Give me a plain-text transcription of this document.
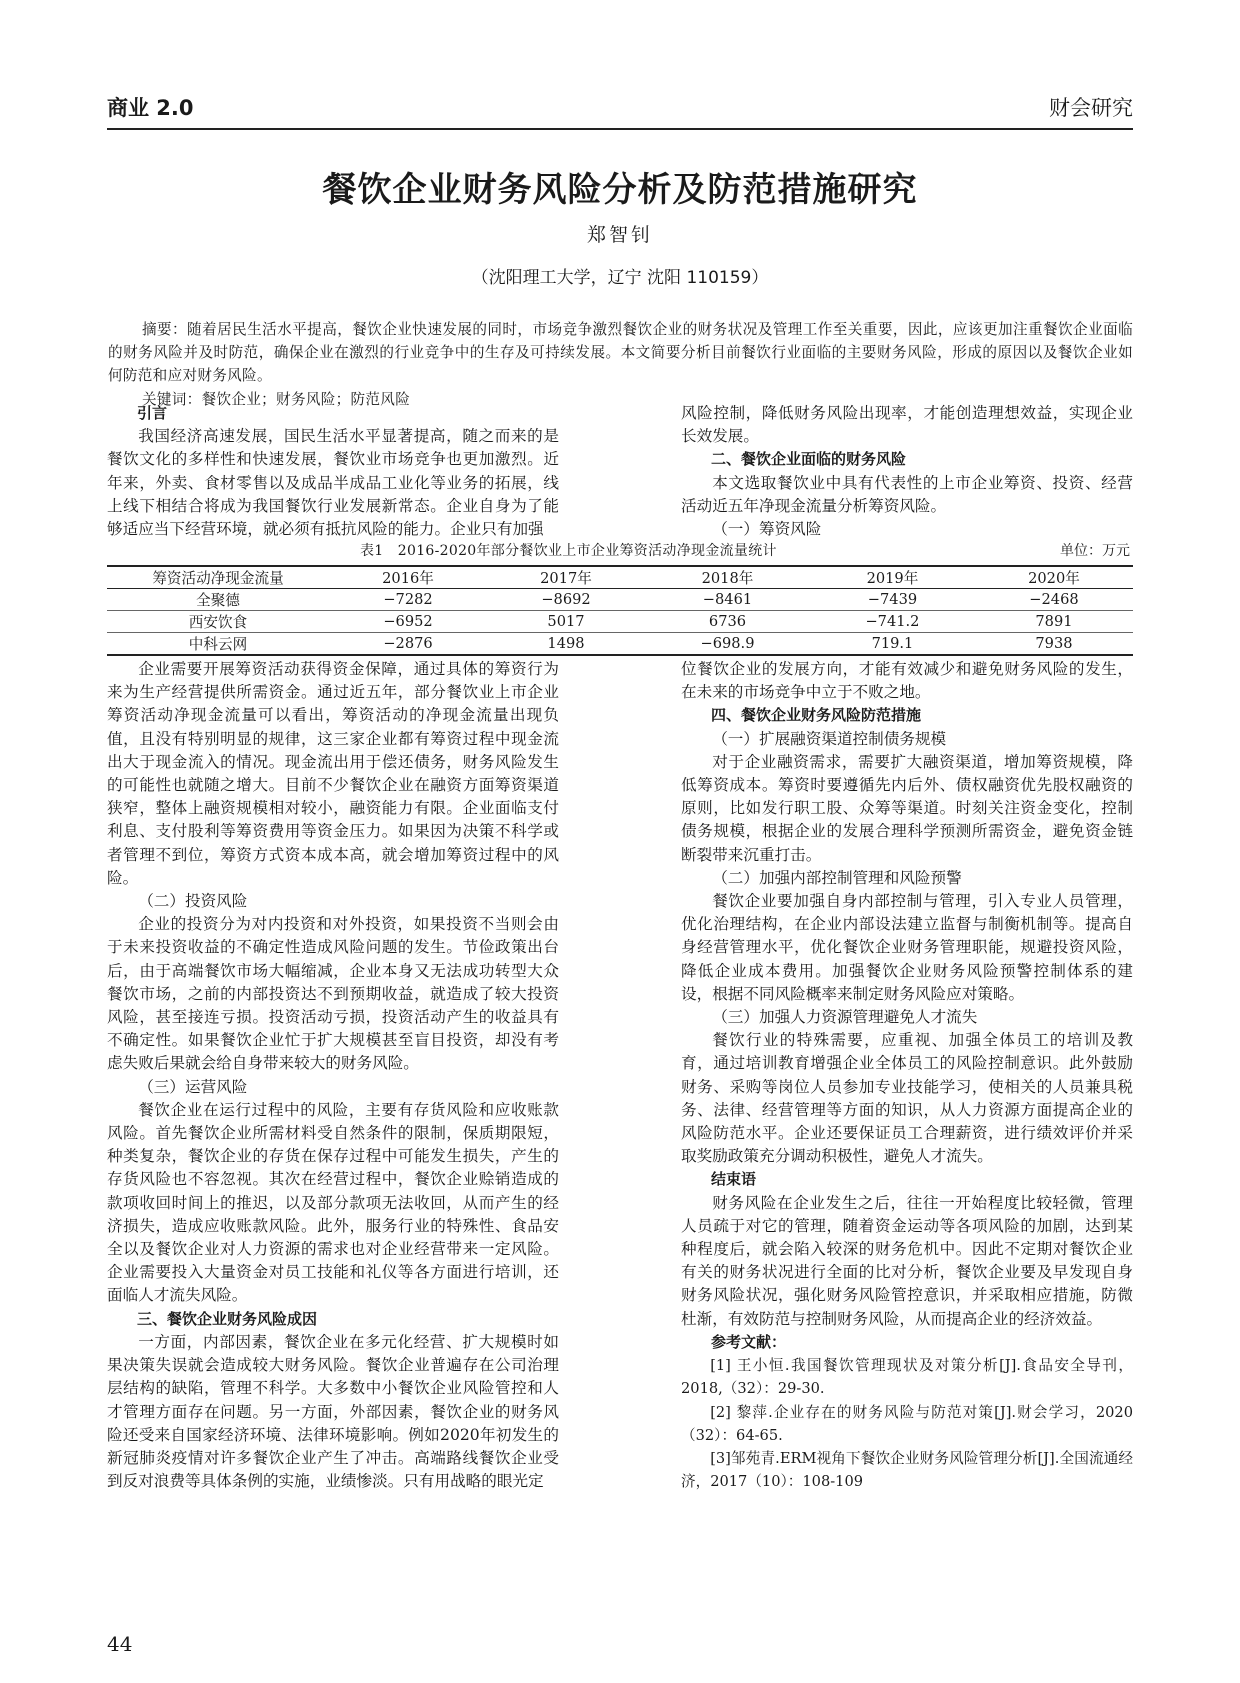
商业 2.0	财会研究
餐饮企业财务风险分析及防范措施研究
郑智钊
（沈阳理工大学，辽宁 沈阳 110159）
摘要：随着居民生活水平提高，餐饮企业快速发展的同时，市场竞争激烈餐饮企业的财务状况及管理工作至关重要，因此，应该更加注重餐饮企业面临的财务风险并及时防范，确保企业在激烈的行业竞争中的生存及可持续发展。本文简要分析目前餐饮行业面临的主要财务风险，形成的原因以及餐饮企业如何防范和应对财务风险。
关键词：餐饮企业；财务风险；防范风险
引言

我国经济高速发展，国民生活水平显著提高，随之而来的是餐饮文化的多样性和快速发展，餐饮业市场竞争也更加激烈。近年来，外卖、食材零售以及成品半成品工业化等业务的拓展，线上线下相结合将成为我国餐饮行业发展新常态。企业自身为了能够适应当下经营环境，就必须有抵抗风险的能力。企业只有加强

风险控制，降低财务风险出现率，才能创造理想效益，实现企业长效发展。

二、餐饮企业面临的财务风险

本文选取餐饮业中具有代表性的上市企业筹资、投资、经营活动近五年净现金流量分析筹资风险。

（一）筹资风险
表1　2016-2020年部分餐饮业上市企业筹资活动净现金流量统计	单位：万元
筹资活动净现金流量	2016年	2017年	2018年	2019年	2020年
全聚德	−7282	−8692	−8461	−7439	−2468
西安饮食	−6952	5017	6736	−741.2	7891
中科云网	−2876	1498	−698.9	719.1	7938

企业需要开展筹资活动获得资金保障，通过具体的筹资行为来为生产经营提供所需资金。通过近五年，部分餐饮业上市企业筹资活动净现金流量可以看出，筹资活动的净现金流量出现负值，且没有特别明显的规律，这三家企业都有筹资过程中现金流出大于现金流入的情况。现金流出用于偿还债务，财务风险发生的可能性也就随之增大。目前不少餐饮企业在融资方面筹资渠道狭窄，整体上融资规模相对较小，融资能力有限。企业面临支付利息、支付股利等筹资费用等资金压力。如果因为决策不科学或者管理不到位，筹资方式资本成本高，就会增加筹资过程中的风险。

（二）投资风险

企业的投资分为对内投资和对外投资，如果投资不当则会由于未来投资收益的不确定性造成风险问题的发生。节俭政策出台后，由于高端餐饮市场大幅缩减，企业本身又无法成功转型大众餐饮市场，之前的内部投资达不到预期收益，就造成了较大投资风险，甚至接连亏损。投资活动亏损，投资活动产生的收益具有不确定性。如果餐饮企业忙于扩大规模甚至盲目投资，却没有考虑失败后果就会给自身带来较大的财务风险。

（三）运营风险

餐饮企业在运行过程中的风险，主要有存货风险和应收账款风险。首先餐饮企业所需材料受自然条件的限制，保质期限短，种类复杂，餐饮企业的存货在保存过程中可能发生损失，产生的存货风险也不容忽视。其次在经营过程中，餐饮企业赊销造成的款项收回时间上的推迟，以及部分款项无法收回，从而产生的经济损失，造成应收账款风险。此外，服务行业的特殊性、食品安全以及餐饮企业对人力资源的需求也对企业经营带来一定风险。企业需要投入大量资金对员工技能和礼仪等各方面进行培训，还面临人才流失风险。

三、餐饮企业财务风险成因

一方面，内部因素，餐饮企业在多元化经营、扩大规模时如果决策失误就会造成较大财务风险。餐饮企业普遍存在公司治理层结构的缺陷，管理不科学。大多数中小餐饮企业风险管控和人才管理方面存在问题。另一方面，外部因素，餐饮企业的财务风险还受来自国家经济环境、法律环境影响。例如2020年初发生的新冠肺炎疫情对许多餐饮企业产生了冲击。高端路线餐饮企业受到反对浪费等具体条例的实施，业绩惨淡。只有用战略的眼光定

位餐饮企业的发展方向，才能有效减少和避免财务风险的发生，在未来的市场竞争中立于不败之地。

四、餐饮企业财务风险防范措施
（一）扩展融资渠道控制债务规模

对于企业融资需求，需要扩大融资渠道，增加筹资规模，降低筹资成本。筹资时要遵循先内后外、债权融资优先股权融资的原则，比如发行职工股、众筹等渠道。时刻关注资金变化，控制债务规模，根据企业的发展合理科学预测所需资金，避免资金链断裂带来沉重打击。

（二）加强内部控制管理和风险预警

餐饮企业要加强自身内部控制与管理，引入专业人员管理，优化治理结构，在企业内部设法建立监督与制衡机制等。提高自身经营管理水平，优化餐饮企业财务管理职能，规避投资风险，降低企业成本费用。加强餐饮企业财务风险预警控制体系的建设，根据不同风险概率来制定财务风险应对策略。

（三）加强人力资源管理避免人才流失

餐饮行业的特殊需要，应重视、加强全体员工的培训及教育，通过培训教育增强企业全体员工的风险控制意识。此外鼓励财务、采购等岗位人员参加专业技能学习，使相关的人员兼具税务、法律、经营管理等方面的知识，从人力资源方面提高企业的风险防范水平。企业还要保证员工合理薪资，进行绩效评价并采取奖励政策充分调动积极性，避免人才流失。

结束语

财务风险在企业发生之后，往往一开始程度比较轻微，管理人员疏于对它的管理，随着资金运动等各项风险的加剧，达到某种程度后，就会陷入较深的财务危机中。因此不定期对餐饮企业有关的财务状况进行全面的比对分析，餐饮企业要及早发现自身财务风险状况，强化财务风险管控意识，并采取相应措施，防微杜渐，有效防范与控制财务风险，从而提高企业的经济效益。

参考文献：

[1] 王小恒.我国餐饮管理现状及对策分析[J].食品安全导刊，2018,（32）：29-30.

[2] 黎萍.企业存在的财务风险与防范对策[J].财会学习，2020（32）：64-65.

[3]邹苑青.ERM视角下餐饮企业财务风险管理分析[J].全国流通经济，2017（10）：108-109

44
